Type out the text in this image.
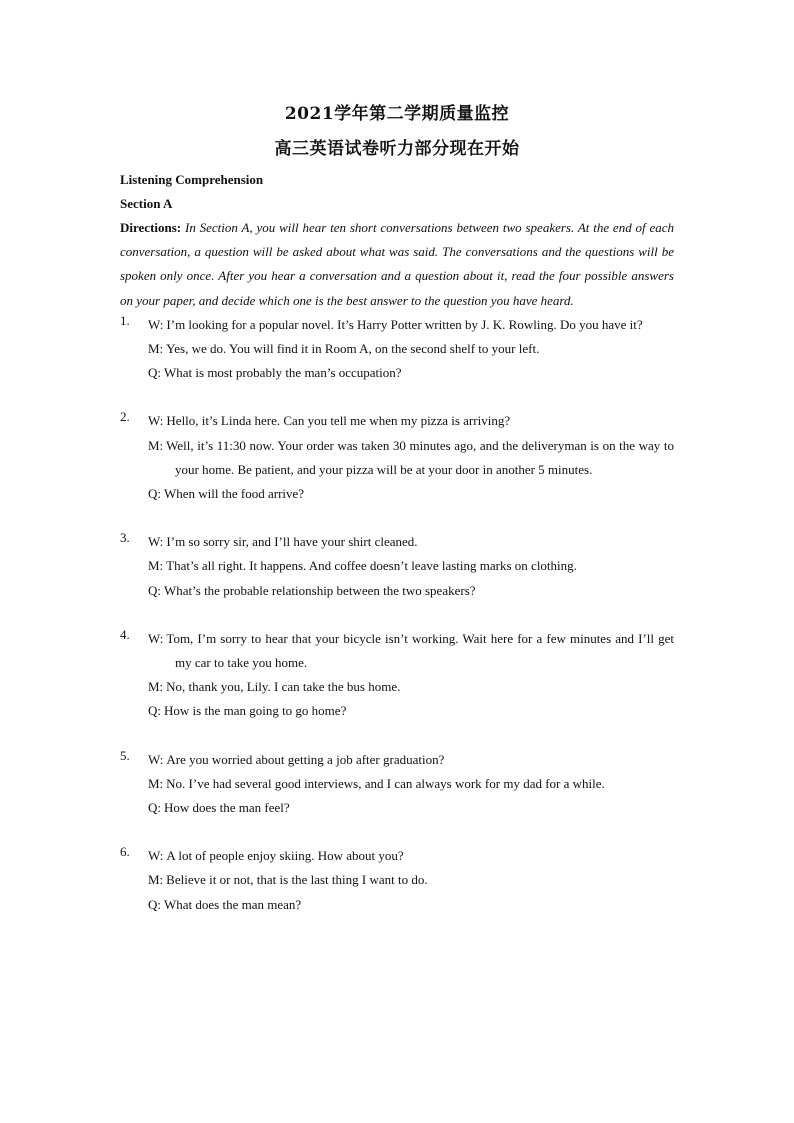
2021学年第二学期质量监控
高三英语试卷听力部分现在开始
Listening Comprehension
Section A
Directions: In Section A, you will hear ten short conversations between two speakers. At the end of each conversation, a question will be asked about what was said. The conversations and the questions will be spoken only once. After you hear a conversation and a question about it, read the four possible answers on your paper, and decide which one is the best answer to the question you have heard.
1.	W: I’m looking for a popular novel. It’s Harry Potter written by J. K. Rowling. Do you have it?
M: Yes, we do. You will find it in Room A, on the second shelf to your left.
Q: What is most probably the man’s occupation?
2.	W: Hello, it’s Linda here. Can you tell me when my pizza is arriving?
M: Well, it’s 11:30 now. Your order was taken 30 minutes ago, and the deliveryman is on the way to your home. Be patient, and your pizza will be at your door in another 5 minutes.
Q: When will the food arrive?
3.	W: I’m so sorry sir, and I’ll have your shirt cleaned.
M: That’s all right. It happens. And coffee doesn’t leave lasting marks on clothing.
Q: What’s the probable relationship between the two speakers?
4.	W: Tom, I’m sorry to hear that your bicycle isn’t working. Wait here for a few minutes and I’ll get my car to take you home.
M: No, thank you, Lily. I can take the bus home.
Q: How is the man going to go home?
5.	W: Are you worried about getting a job after graduation?
M: No. I’ve had several good interviews, and I can always work for my dad for a while.
Q: How does the man feel?
6.	W: A lot of people enjoy skiing. How about you?
M: Believe it or not, that is the last thing I want to do.
Q: What does the man mean?
